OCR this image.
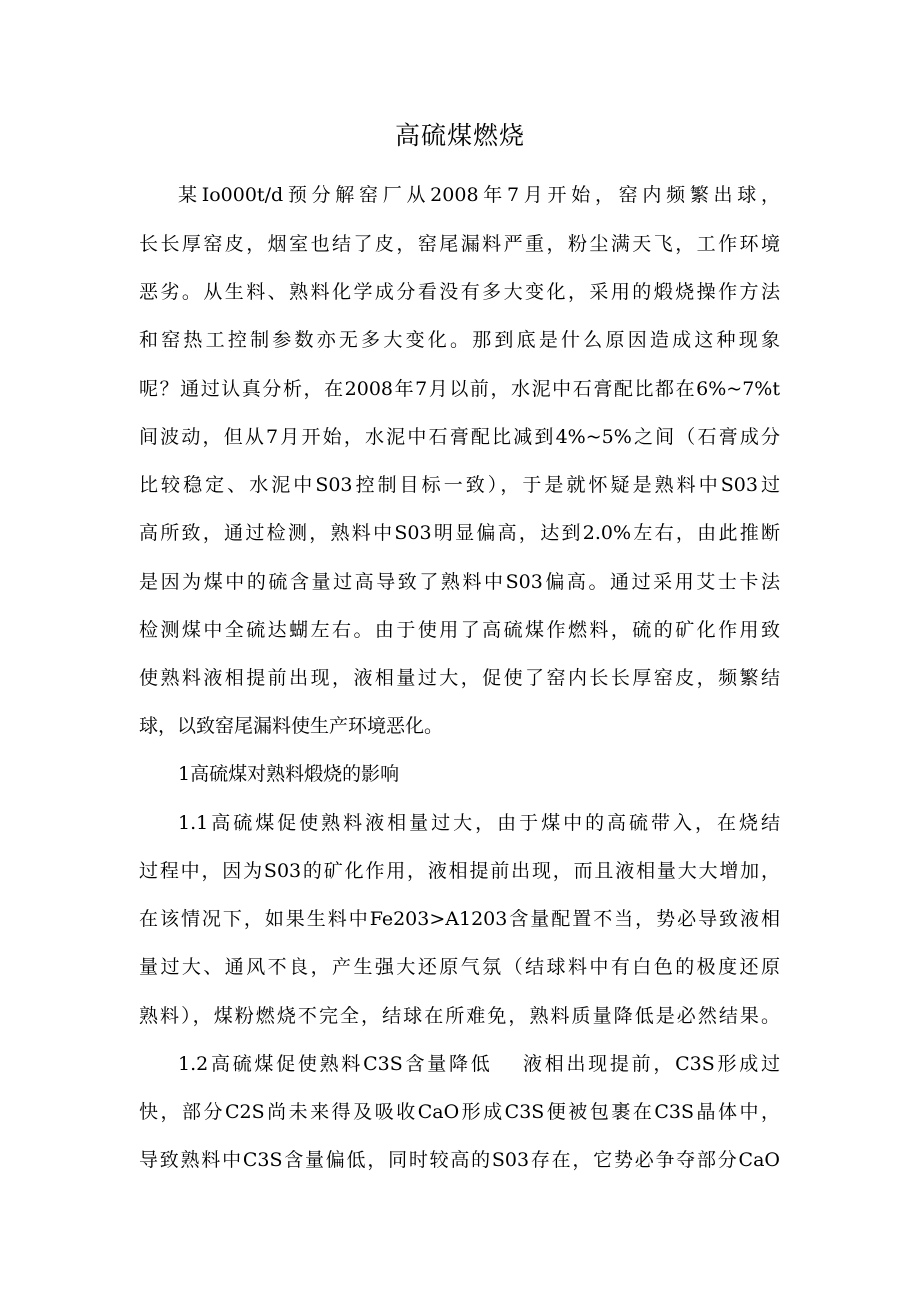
高硫煤燃烧
某Io000t/d预分解窑厂从2008年7月开始，窑内频繁出球，
长长厚窑皮，烟室也结了皮，窑尾漏料严重，粉尘满天飞，工作环境
恶劣。从生料、熟料化学成分看没有多大变化，采用的煅烧操作方法
和窑热工控制参数亦无多大变化。那到底是什么原因造成这种现象
呢？通过认真分析，在2008年7月以前，水泥中石膏配比都在6%~7%t
间波动，但从7月开始，水泥中石膏配比减到4%~5%之间（石膏成分
比较稳定、水泥中S03控制目标一致），于是就怀疑是熟料中S03过
高所致，通过检测，熟料中S03明显偏高，达到2.0%左右，由此推断
是因为煤中的硫含量过高导致了熟料中S03偏高。通过采用艾士卡法
检测煤中全硫达蝴左右。由于使用了高硫煤作燃料，硫的矿化作用致
使熟料液相提前出现，液相量过大，促使了窑内长长厚窑皮，频繁结
球，以致窑尾漏料使生产环境恶化。
1高硫煤对熟料煅烧的影响
1.1高硫煤促使熟料液相量过大，由于煤中的高硫带入，在烧结
过程中，因为S03的矿化作用，液相提前出现，而且液相量大大增加，
在该情况下，如果生料中Fe203>A1203含量配置不当，势必导致液相
量过大、通风不良，产生强大还原气氛（结球料中有白色的极度还原
熟料），煤粉燃烧不完全，结球在所难免，熟料质量降低是必然结果。
1.2高硫煤促使熟料C3S含量降低　 液相出现提前，C3S形成过
快，部分C2S尚未来得及吸收CaO形成C3S便被包裹在C3S晶体中，
导致熟料中C3S含量偏低，同时较高的S03存在，它势必争夺部分CaO
